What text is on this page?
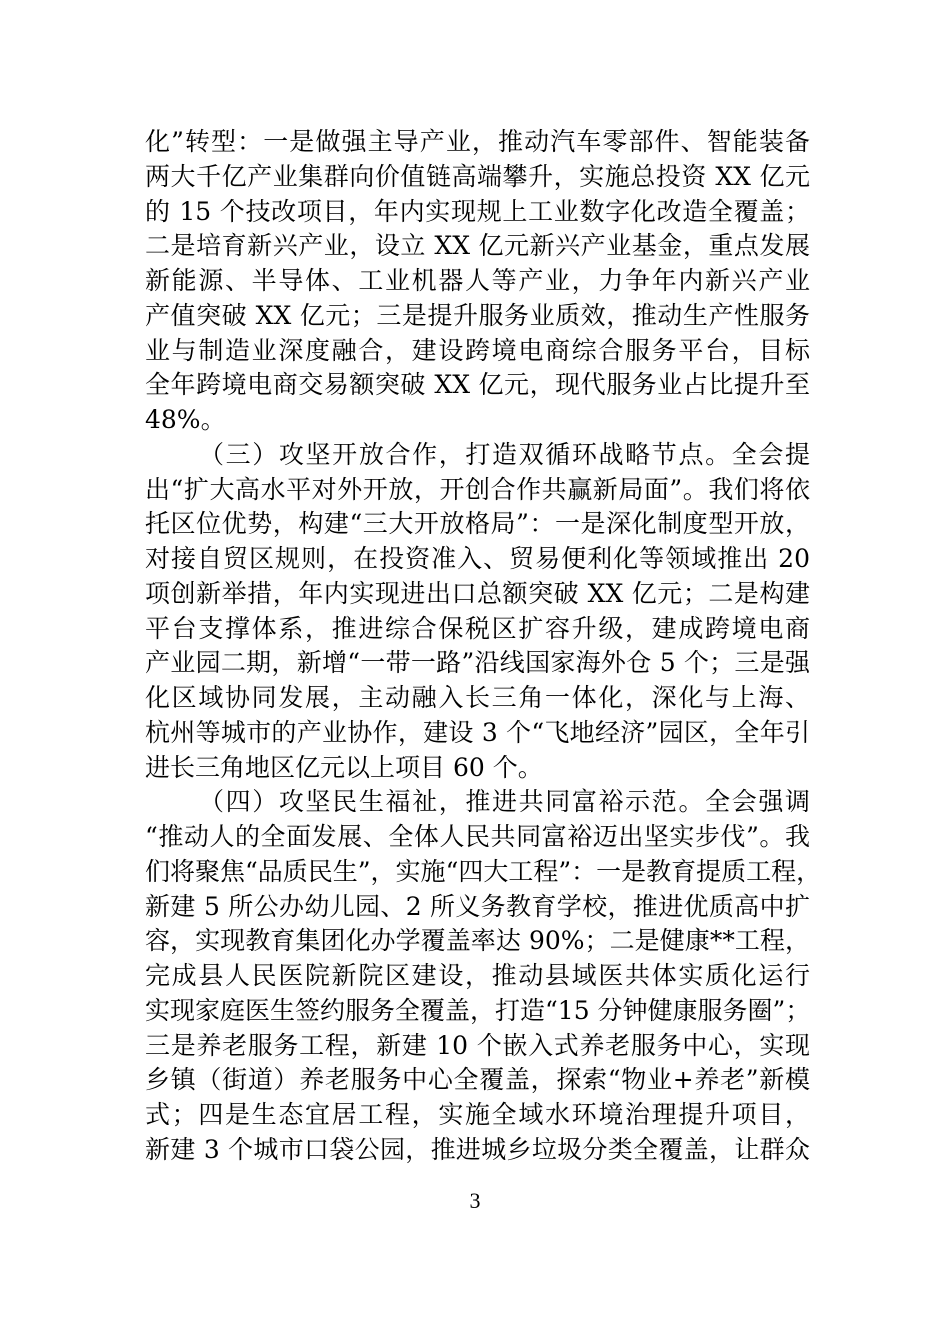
化”转型：一是做强主导产业，推动汽车零部件、智能装备
两大千亿产业集群向价值链高端攀升，实施总投资 XX 亿元
的 15 个技改项目，年内实现规上工业数字化改造全覆盖；
二是培育新兴产业，设立 XX 亿元新兴产业基金，重点发展
新能源、半导体、工业机器人等产业，力争年内新兴产业
产值突破 XX 亿元；三是提升服务业质效，推动生产性服务
业与制造业深度融合，建设跨境电商综合服务平台，目标
全年跨境电商交易额突破 XX 亿元，现代服务业占比提升至
48%。
（三）攻坚开放合作，打造双循环战略节点。全会提
出“扩大高水平对外开放，开创合作共赢新局面”。我们将依
托区位优势，构建“三大开放格局”：一是深化制度型开放，
对接自贸区规则，在投资准入、贸易便利化等领域推出 20
项创新举措，年内实现进出口总额突破 XX 亿元；二是构建
平台支撑体系，推进综合保税区扩容升级，建成跨境电商
产业园二期，新增“一带一路”沿线国家海外仓 5 个；三是强
化区域协同发展，主动融入长三角一体化，深化与上海、
杭州等城市的产业协作，建设 3 个“飞地经济”园区，全年引
进长三角地区亿元以上项目 60 个。
（四）攻坚民生福祉，推进共同富裕示范。全会强调
“推动人的全面发展、全体人民共同富裕迈出坚实步伐”。我
们将聚焦“品质民生”，实施“四大工程”：一是教育提质工程，
新建 5 所公办幼儿园、2 所义务教育学校，推进优质高中扩
容，实现教育集团化办学覆盖率达 90%；二是健康**工程，
完成县人民医院新院区建设，推动县域医共体实质化运行
实现家庭医生签约服务全覆盖，打造“15 分钟健康服务圈”；
三是养老服务工程，新建 10 个嵌入式养老服务中心，实现
乡镇（街道）养老服务中心全覆盖，探索“物业+养老”新模
式；四是生态宜居工程，实施全域水环境治理提升项目，
新建 3 个城市口袋公园，推进城乡垃圾分类全覆盖，让群众
3
